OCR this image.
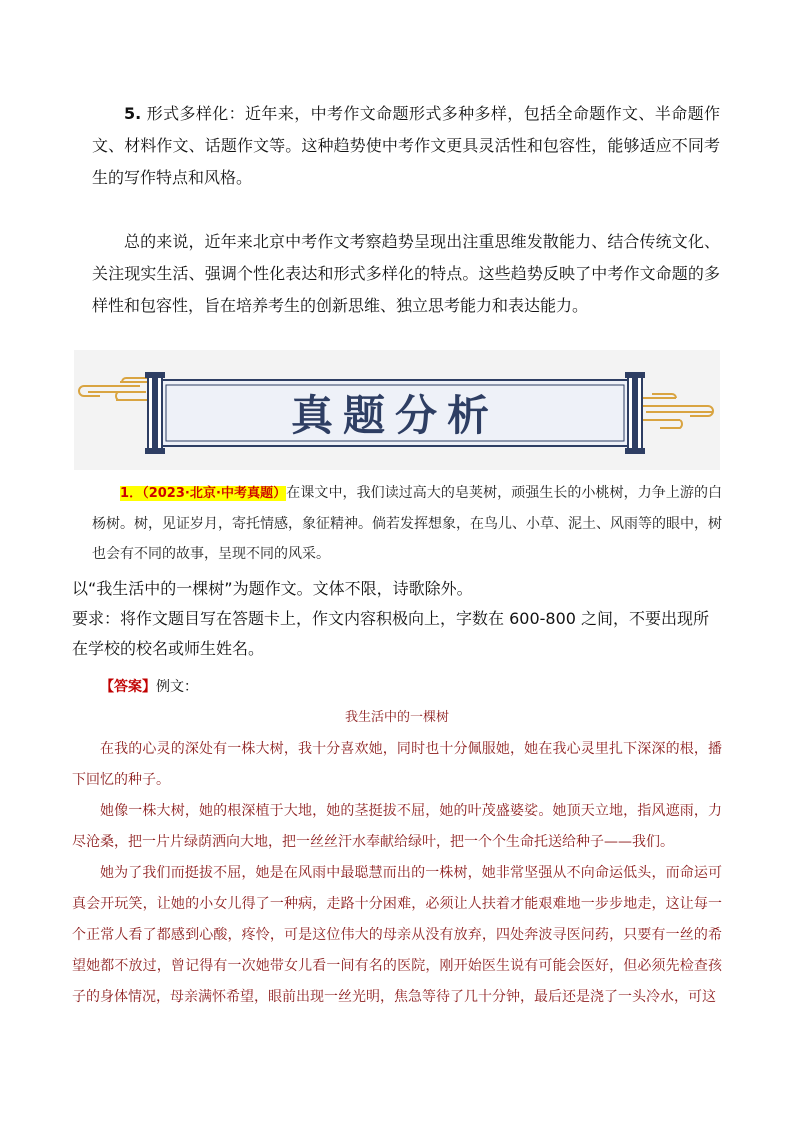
5. 形式多样化：近年来，中考作文命题形式多种多样，包括全命题作文、半命题作文、材料作文、话题作文等。这种趋势使中考作文更具灵活性和包容性，能够适应不同考生的写作特点和风格。
总的来说，近年来北京中考作文考察趋势呈现出注重思维发散能力、结合传统文化、关注现实生活、强调个性化表达和形式多样化的特点。这些趋势反映了中考作文命题的多样性和包容性，旨在培养考生的创新思维、独立思考能力和表达能力。
真题分析
1．（2023·北京·中考真题）在课文中，我们读过高大的皂荚树，顽强生长的小桃树，力争上游的白杨树。树，见证岁月，寄托情感，象征精神。倘若发挥想象，在鸟儿、小草、泥土、风雨等的眼中，树也会有不同的故事，呈现不同的风采。
以“我生活中的一棵树”为题作文。文体不限，诗歌除外。
要求：将作文题目写在答题卡上，作文内容积极向上，字数在 600-800 之间，不要出现所在学校的校名或师生姓名。
【答案】例文：
我生活中的一棵树
在我的心灵的深处有一株大树，我十分喜欢她，同时也十分佩服她，她在我心灵里扎下深深的根，播下回忆的种子。
她像一株大树，她的根深植于大地，她的茎挺拔不屈，她的叶茂盛婆娑。她顶天立地，指风遮雨，力尽沧桑，把一片片绿荫洒向大地，把一丝丝汗水奉献给绿叶，把一个个生命托送给种子——我们。
她为了我们而挺拔不屈，她是在风雨中最聪慧而出的一株树，她非常坚强从不向命运低头，而命运可真会开玩笑，让她的小女儿得了一种病，走路十分困难，必须让人扶着才能艰难地一步步地走，这让每一个正常人看了都感到心酸，疼怜，可是这位伟大的母亲从没有放弃，四处奔波寻医问药，只要有一丝的希望她都不放过，曾记得有一次她带女儿看一间有名的医院，刚开始医生说有可能会医好，但必须先检查孩子的身体情况，母亲满怀希望，眼前出现一丝光明，焦急等待了几十分钟，最后还是浇了一头冷水，可这
